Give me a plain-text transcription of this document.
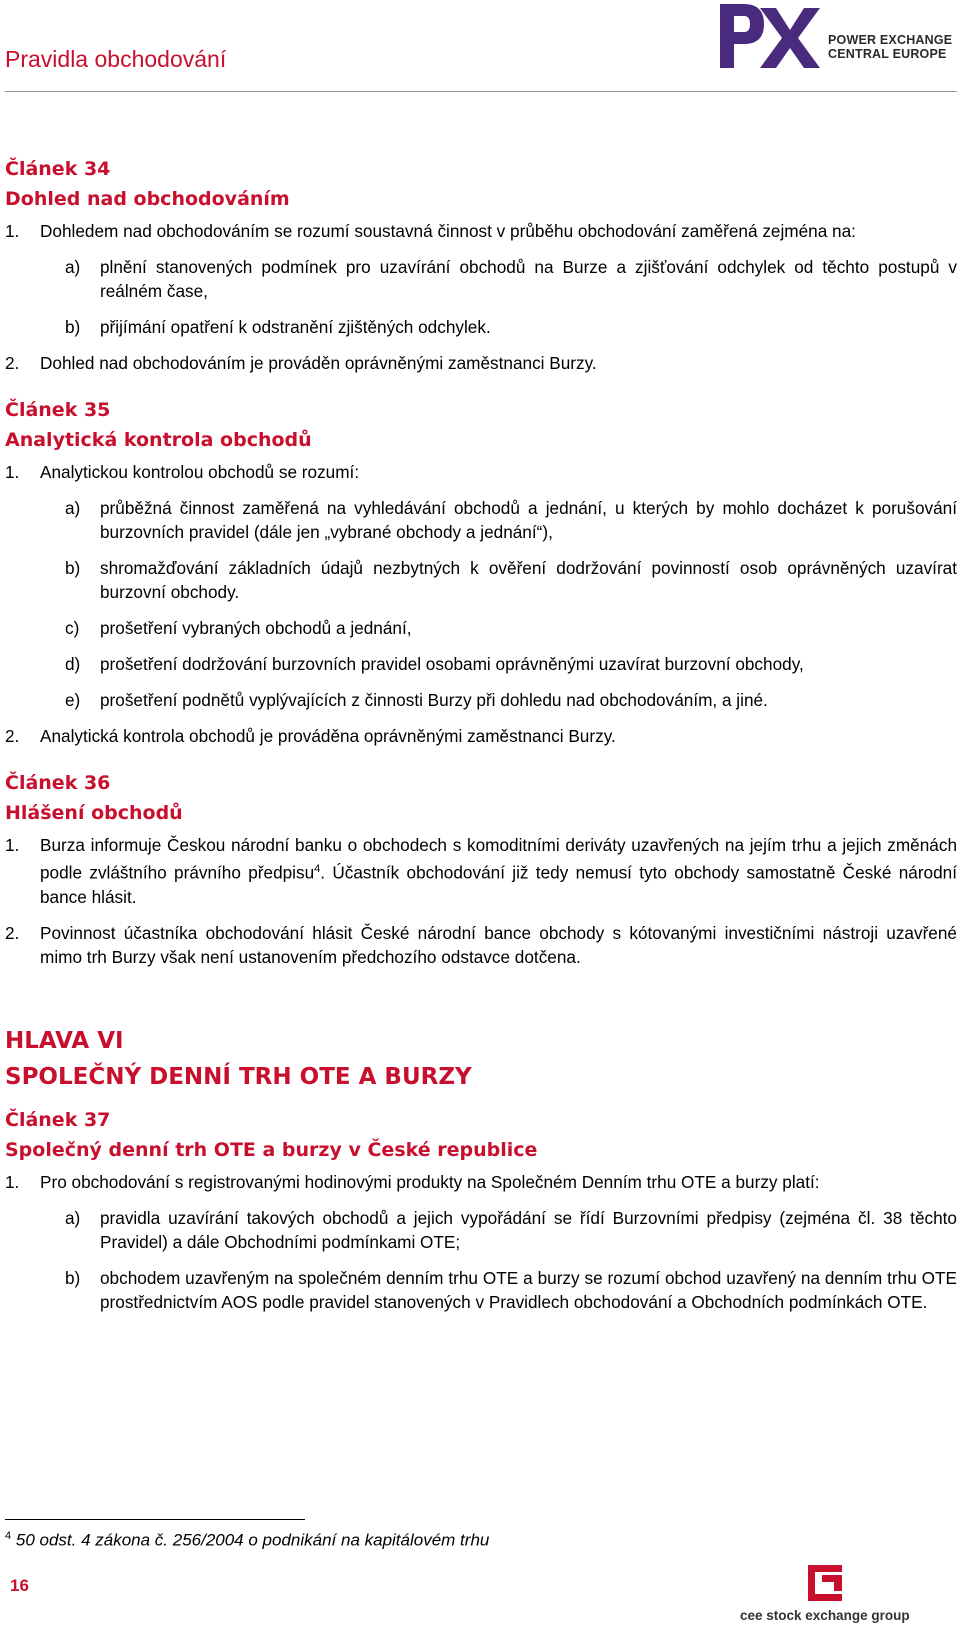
Pravidla obchodování
POWER EXCHANGE
CENTRAL EUROPE
Článek 34
Dohled nad obchodováním
1. Dohledem nad obchodováním se rozumí soustavná činnost v průběhu obchodování zaměřená zejména na:
a) plnění stanovených podmínek pro uzavírání obchodů na Burze a zjišťování odchylek od těchto postupů v reálném čase,
b) přijímání opatření k odstranění zjištěných odchylek.
2. Dohled nad obchodováním je prováděn oprávněnými zaměstnanci Burzy.
Článek 35
Analytická kontrola obchodů
1. Analytickou kontrolou obchodů se rozumí:
a) průběžná činnost zaměřená na vyhledávání obchodů a jednání, u kterých by mohlo docházet k porušování burzovních pravidel (dále jen „vybrané obchody a jednání“),
b) shromažďování základních údajů nezbytných k ověření dodržování povinností osob oprávněných uzavírat burzovní obchody.
c) prošetření vybraných obchodů a jednání,
d) prošetření dodržování burzovních pravidel osobami oprávněnými uzavírat burzovní obchody,
e) prošetření podnětů vyplývajících z činnosti Burzy při dohledu nad obchodováním, a jiné.
2. Analytická kontrola obchodů je prováděna oprávněnými zaměstnanci Burzy.
Článek 36
Hlášení obchodů
1. Burza informuje Českou národní banku o obchodech s komoditními deriváty uzavřených na jejím trhu a jejich změnách podle zvláštního právního předpisu$^4$. Účastník obchodování již tedy nemusí tyto obchody samostatně České národní bance hlásit.
2. Povinnost účastníka obchodování hlásit České národní bance obchody s kótovanými investičními nástroji uzavřené mimo trh Burzy však není ustanovením předchozího odstavce dotčena.
HLAVA VI
SPOLEČNÝ DENNÍ TRH OTE A BURZY
Článek 37
Společný denní trh OTE a burzy v České republice
1. Pro obchodování s registrovanými hodinovými produkty na Společném Denním trhu OTE a burzy platí:
a) pravidla uzavírání takových obchodů a jejich vypořádání se řídí Burzovními předpisy (zejména čl. 38 těchto Pravidel) a dále Obchodními podmínkami OTE;
b) obchodem uzavřeným na společném denním trhu OTE a burzy se rozumí obchod uzavřený na denním trhu OTE prostřednictvím AOS podle pravidel stanovených v Pravidlech obchodování a Obchodních podmínkách OTE.
$^4$ 50 odst. 4 zákona č. 256/2004 o podnikání na kapitálovém trhu
16
cee stock exchange group
